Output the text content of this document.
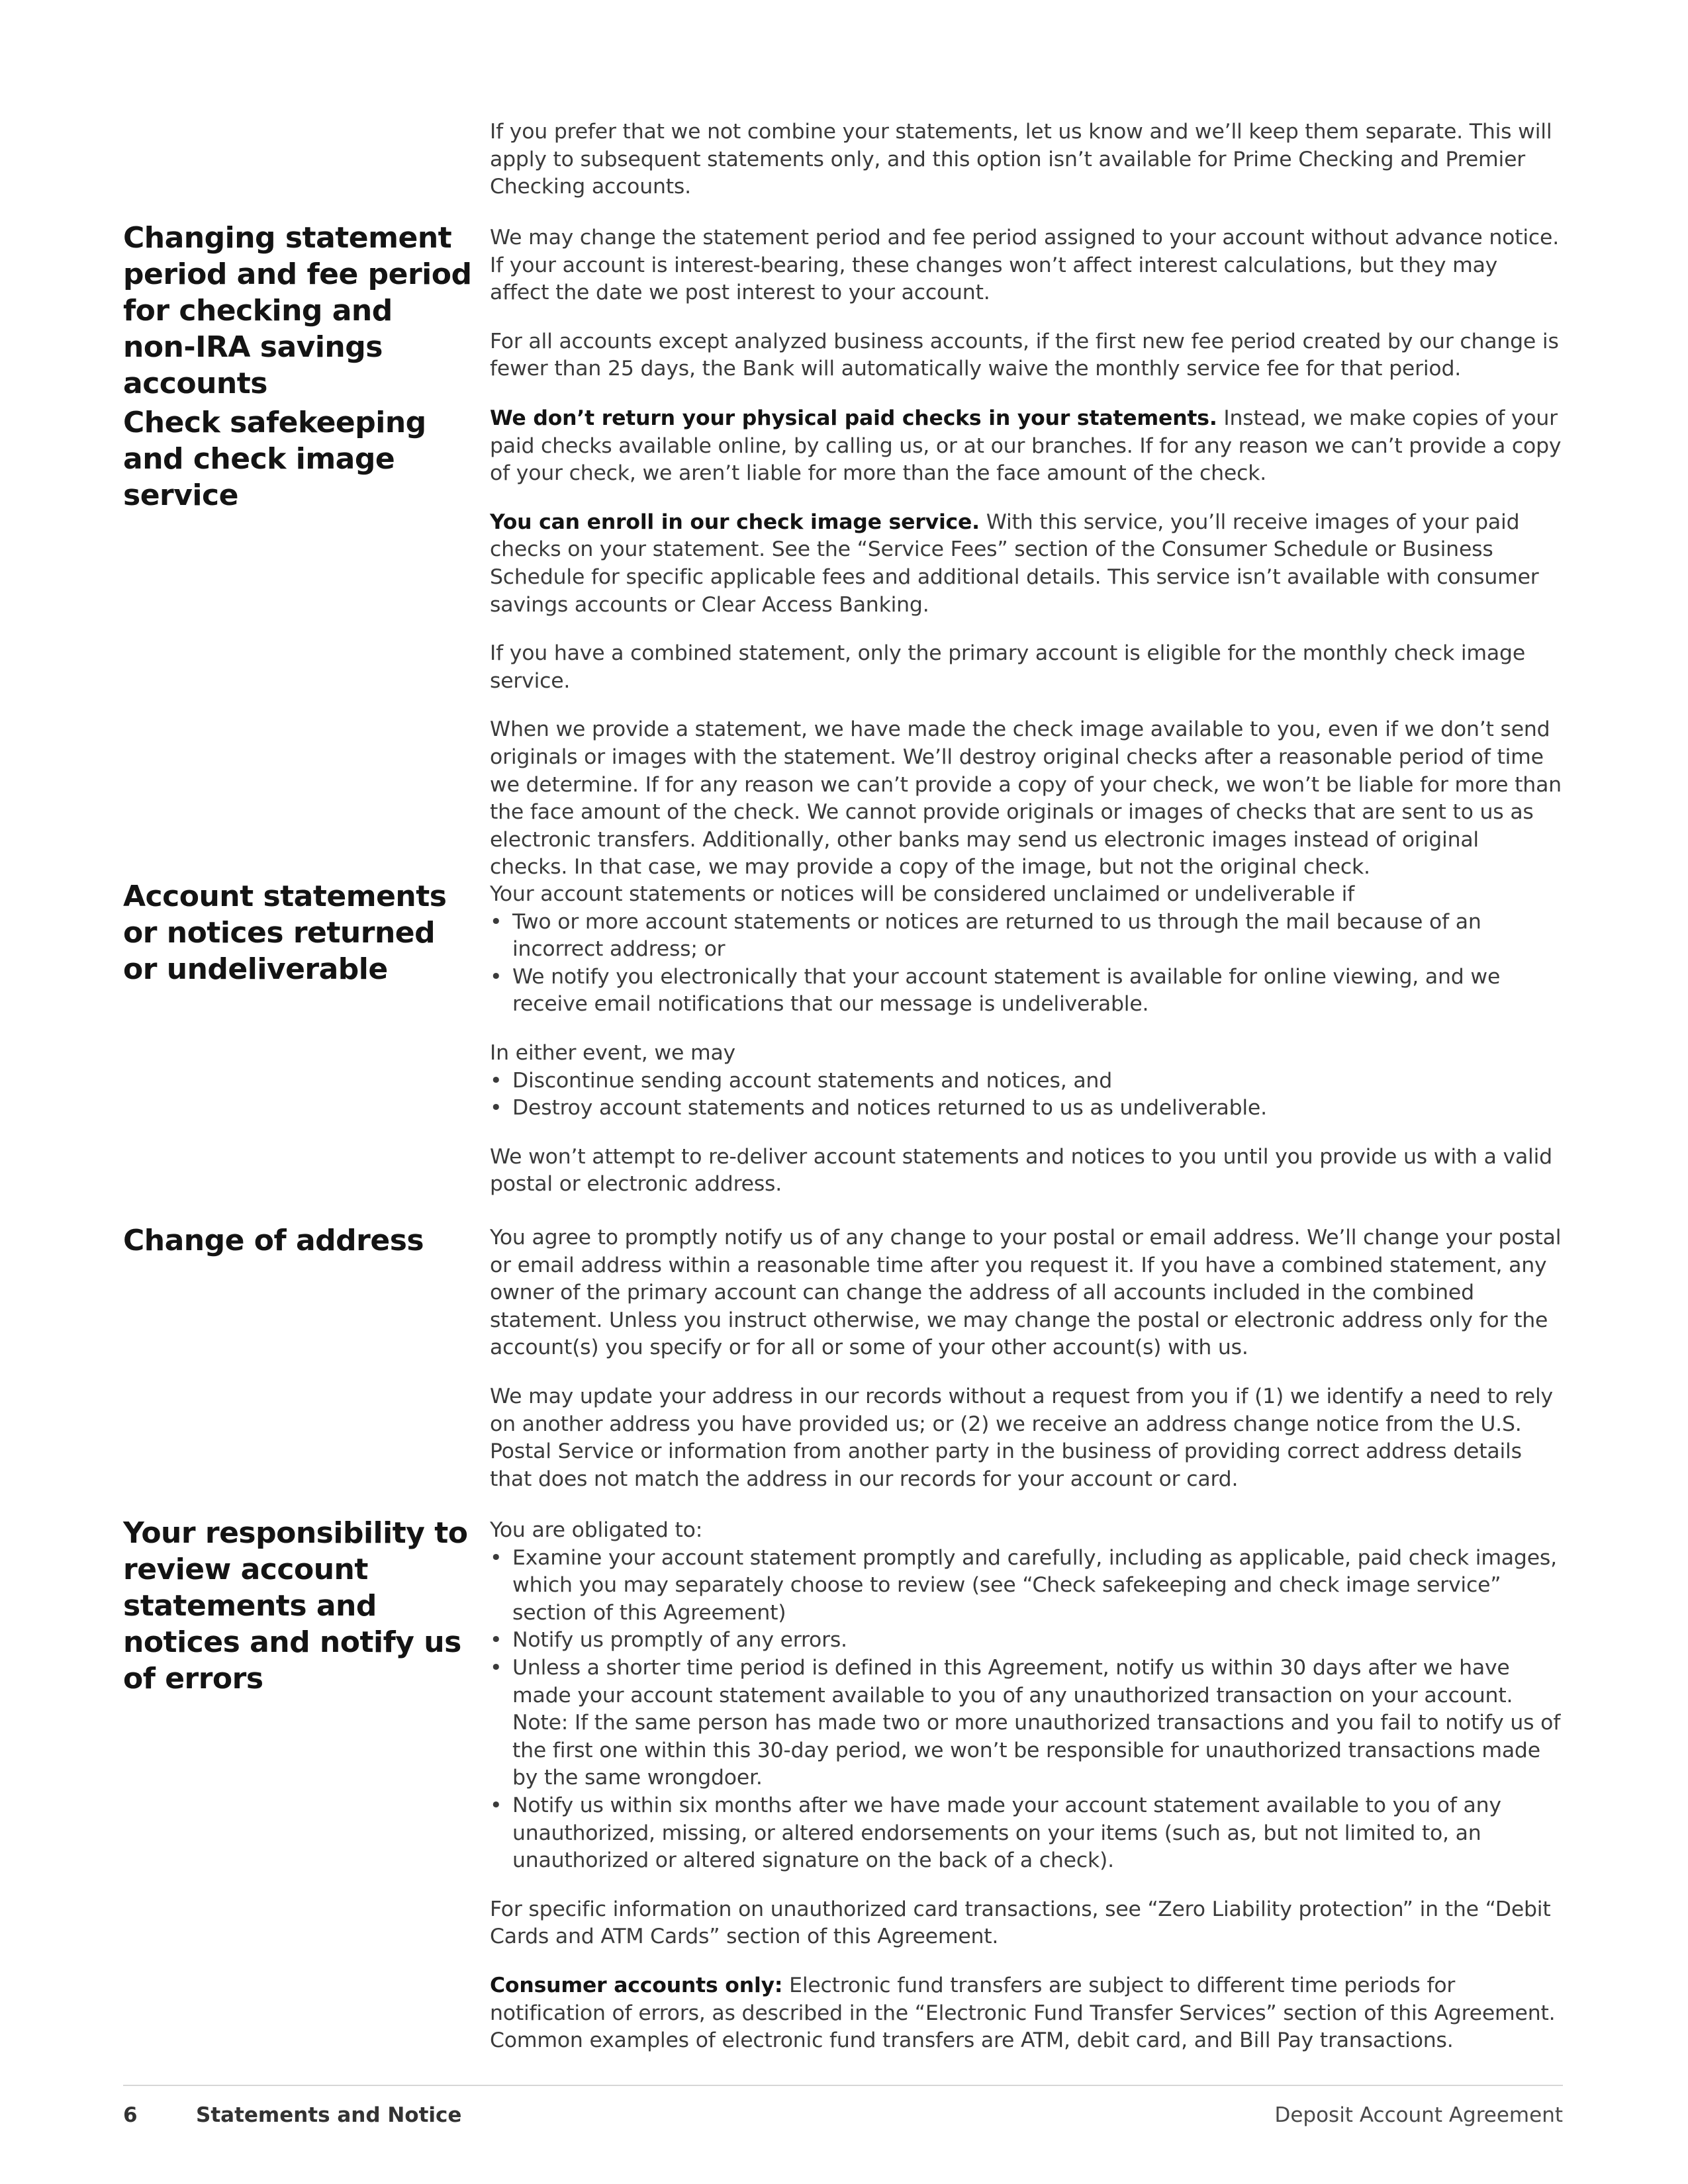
If you prefer that we not combine your statements, let us know and we’ll keep them separate. This will apply to subsequent statements only, and this option isn’t available for Prime Checking and Premier Checking accounts.

Changing statement period and fee period for checking and non-IRA savings accounts

We may change the statement period and fee period assigned to your account without advance notice. If your account is interest-bearing, these changes won’t affect interest calculations, but they may affect the date we post interest to your account.

For all accounts except analyzed business accounts, if the first new fee period created by our change is fewer than 25 days, the Bank will automatically waive the monthly service fee for that period.

Check safekeeping and check image service

We don’t return your physical paid checks in your statements. Instead, we make copies of your paid checks available online, by calling us, or at our branches. If for any reason we can’t provide a copy of your check, we aren’t liable for more than the face amount of the check.

You can enroll in our check image service. With this service, you’ll receive images of your paid checks on your statement. See the “Service Fees” section of the Consumer Schedule or Business Schedule for specific applicable fees and additional details. This service isn’t available with consumer savings accounts or Clear Access Banking.

If you have a combined statement, only the primary account is eligible for the monthly check image service.

When we provide a statement, we have made the check image available to you, even if we don’t send originals or images with the statement. We’ll destroy original checks after a reasonable period of time we determine. If for any reason we can’t provide a copy of your check, we won’t be liable for more than the face amount of the check. We cannot provide originals or images of checks that are sent to us as electronic transfers. Additionally, other banks may send us electronic images instead of original checks. In that case, we may provide a copy of the image, but not the original check.

Account statements or notices returned or undeliverable

Your account statements or notices will be considered unclaimed or undeliverable if

• Two or more account statements or notices are returned to us through the mail because of an incorrect address; or
• We notify you electronically that your account statement is available for online viewing, and we receive email notifications that our message is undeliverable.

In either event, we may

• Discontinue sending account statements and notices, and
• Destroy account statements and notices returned to us as undeliverable.

We won’t attempt to re-deliver account statements and notices to you until you provide us with a valid postal or electronic address.

Change of address	You agree to promptly notify us of any change to your postal or email address. We’ll change your postal or email address within a reasonable time after you request it. If you have a combined statement, any owner of the primary account can change the address of all accounts included in the combined statement. Unless you instruct otherwise, we may change the postal or electronic address only for the account(s) you specify or for all or some of your other account(s) with us.

We may update your address in our records without a request from you if (1) we identify a need to rely on another address you have provided us; or (2) we receive an address change notice from the U.S. Postal Service or information from another party in the business of providing correct address details that does not match the address in our records for your account or card.

Your responsibility to review account statements and notices and notify us of errors

You are obligated to:

• Examine your account statement promptly and carefully, including as applicable, paid check images, which you may separately choose to review (see “Check safekeeping and check image service” section of this Agreement)
• Notify us promptly of any errors.
• Unless a shorter time period is defined in this Agreement, notify us within 30 days after we have made your account statement available to you of any unauthorized transaction on your account. Note: If the same person has made two or more unauthorized transactions and you fail to notify us of the first one within this 30-day period, we won’t be responsible for unauthorized transactions made by the same wrongdoer.
• Notify us within six months after we have made your account statement available to you of any unauthorized, missing, or altered endorsements on your items (such as, but not limited to, an unauthorized or altered signature on the back of a check).

For specific information on unauthorized card transactions, see “Zero Liability protection” in the “Debit Cards and ATM Cards” section of this Agreement.

Consumer accounts only: Electronic fund transfers are subject to different time periods for notification of errors, as described in the “Electronic Fund Transfer Services” section of this Agreement. Common examples of electronic fund transfers are ATM, debit card, and Bill Pay transactions.

6	Statements and Notice	Deposit Account Agreement
